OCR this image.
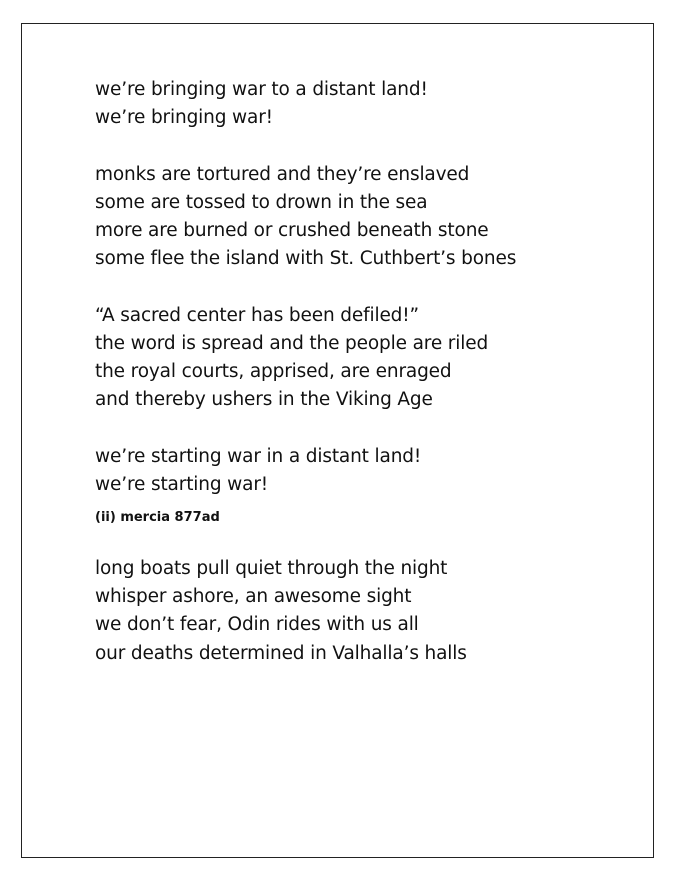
we’re bringing war to a distant land!
we’re bringing war!
monks are tortured and they’re enslaved
some are tossed to drown in the sea
more are burned or crushed beneath stone
some flee the island with St. Cuthbert’s bones
“A sacred center has been defiled!”
the word is spread and the people are riled
the royal courts, apprised, are enraged
and thereby ushers in the Viking Age
we’re starting war in a distant land!
we’re starting war!
(ii) mercia 877ad
long boats pull quiet through the night
whisper ashore, an awesome sight
we don’t fear, Odin rides with us all
our deaths determined in Valhalla’s halls
